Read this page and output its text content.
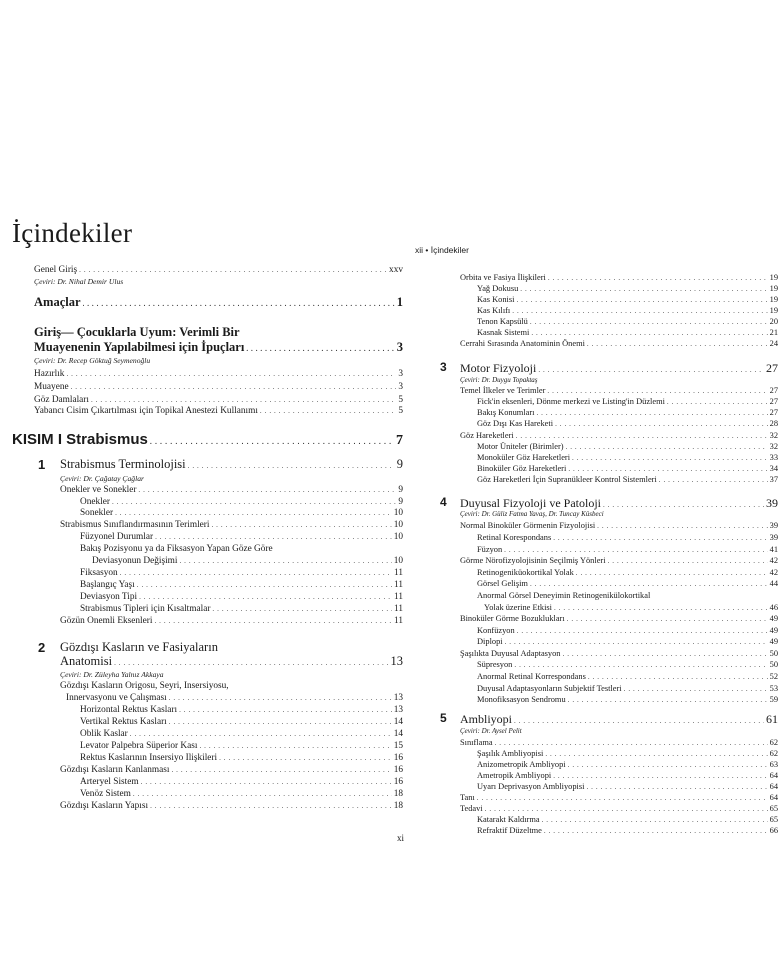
İçindekiler
xii • İçindekiler
xi
Genel Giriş . . .	xxv
Çeviri: Dr. Nihal Demir Ulus
Amaçlar . . .	1
Giriş— Çocuklarla Uyum: Verimli Bir
Muayenenin Yapılabilmesi için İpuçları . . .	3
Çeviri: Dr. Recep Göktuğ Seymenoğlu
Hazırlık . . .	3
Muayene . . .	3
Göz Damlaları . . .	5
Yabancı Cisim Çıkartılması için Topikal Anestezi Kullanımı . . .	5
KISIM I Strabismus . . .	7
1 Strabismus Terminolojisi . . .	9
Çeviri: Dr. Çağatay Çağlar
Önekler ve Sonekler . . .	9
Önekler . . .	9
Sonekler . . .	10
Strabismus Sınıflandırmasının Terimleri . . .	10
Füzyonel Durumlar . . .	10
Bakış Pozisyonu ya da Fiksasyon Yapan Göze Göre
Deviasyonun Değişimi . . .	10
Fiksasyon . . .	11
Başlangıç Yaşı . . .	11
Deviasyon Tipi . . .	11
Strabismus Tipleri için Kısaltmalar . . .	11
Gözün Önemli Eksenleri . . .	11
2 Gözdışı Kasların ve Fasiyaların
Anatomisi . . .	13
Çeviri: Dr. Züleyha Yalnız Akkaya
Gözdışı Kasların Origosu, Seyri, İnsersiyosu,
İnnervasyonu ve Çalışması . . .	13
Horizontal Rektus Kasları . . .	13
Vertikal Rektus Kasları . . .	14
Oblik Kaslar . . .	14
Levator Palpebra Süperior Kası . . .	15
Rektus Kaslarının İnsersiyo İlişkileri . . .	16
Gözdışı Kasların Kanlanması . . .	16
Arteryel Sistem . . .	16
Venöz Sistem . . .	18
Gözdışı Kasların Yapısı . . .	18
Orbita ve Fasiya İlişkileri . . .	19
Yağ Dokusu . . .	19
Kas Konisi . . .	19
Kas Kılıfı . . .	19
Tenon Kapsülü . . .	20
Kasnak Sistemi . . .	21
Cerrahi Sırasında Anatominin Önemi . . .	24
3 Motor Fizyoloji . . .	27
Çeviri: Dr. Duygu Topaktaş
Temel İlkeler ve Terimler . . .	27
Fick'in eksenleri, Dönme merkezi ve Listing'in Düzlemi . . .	27
Bakış Konumları . . .	27
Göz Dışı Kas Hareketi . . .	28
Göz Hareketleri . . .	32
Motor Üniteler (Birimler) . . .	32
Monoküler Göz Hareketleri . . .	33
Binoküler Göz Hareketleri . . .	34
Göz Hareketleri İçin Supranükleer Kontrol Sistemleri . . .	37
4 Duyusal Fizyoloji ve Patoloji . . .	39
Çeviri: Dr. Güliz Fatma Yavaş, Dr. Tuncay Küsbeci
Normal Binoküler Görmenin Fizyolojisi . . .	39
Retinal Korespondans . . .	39
Füzyon . . .	41
Görme Nörofizyolojisinin Seçilmiş Yönleri . . .	42
Retinogeniküokortikal Yolak . . .	42
Görsel Gelişim . . .	44
Anormal Görsel Deneyimin Retinogenikülokortikal
Yolak üzerine Etkisi . . .	46
Binoküler Görme Bozuklukları . . .	49
Konfüzyon . . .	49
Diplopi . . .	49
Şaşılıkta Duyusal Adaptasyon . . .	50
Süpresyon . . .	50
Anormal Retinal Korrespondans . . .	52
Duyusal Adaptasyonların Subjektif Testleri . . .	53
Monofiksasyon Sendromu . . .	59
5 Ambliyopi . . .	61
Çeviri: Dr. Aysel Pelit
Sınıflama . . .	62
Şaşılık Ambliyopisi . . .	62
Anizometropik Ambliyopi . . .	63
Ametropik Ambliyopi . . .	64
Uyarı Deprivasyon Ambliyopisi . . .	64
Tanı . . .	64
Tedavi . . .	65
Katarakt Kaldırma . . .	65
Refraktif Düzeltme . . .	66
